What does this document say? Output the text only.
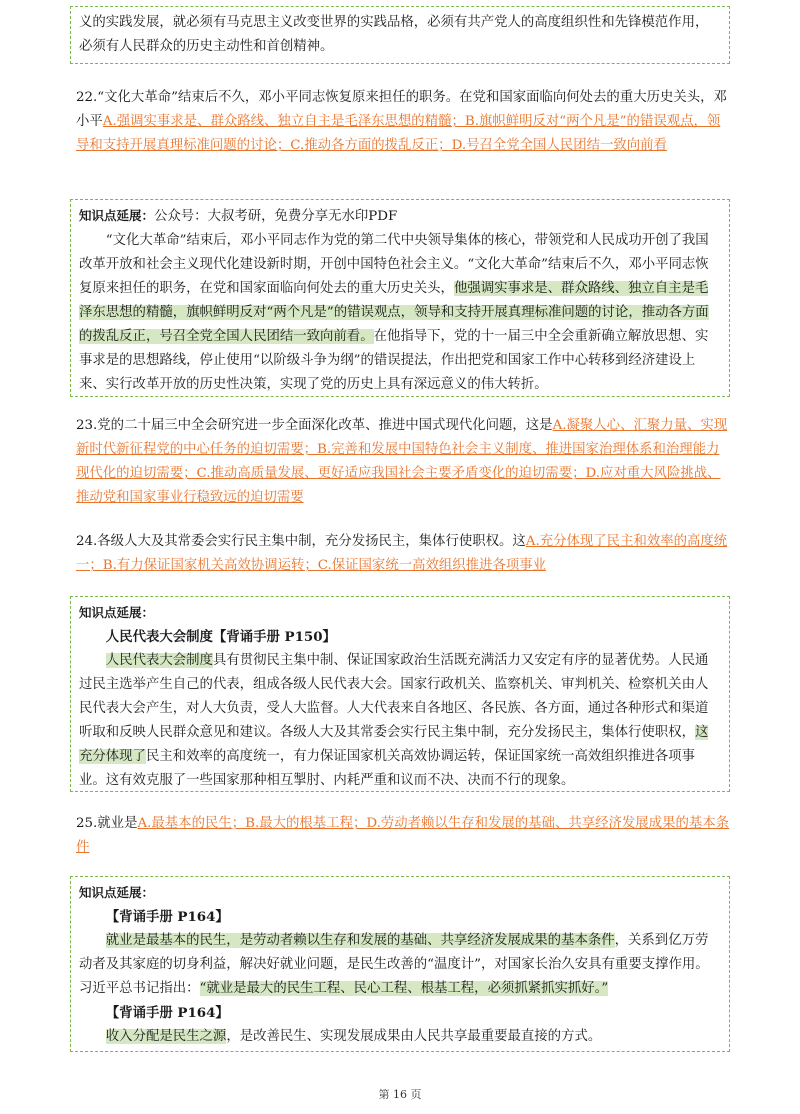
义的实践发展，就必须有马克思主义改变世界的实践品格，必须有共产党人的高度组织性和先锋模范作用，必须有人民群众的历史主动性和首创精神。

22.“文化大革命”结束后不久，邓小平同志恢复原来担任的职务。在党和国家面临向何处去的重大历史关头，邓小平A.强调实事求是、群众路线、独立自主是毛泽东思想的精髓；B.旗帜鲜明反对“两个凡是”的错误观点，领导和支持开展真理标准问题的讨论；C.推动各方面的拨乱反正；D.号召全党全国人民团结一致向前看

知识点延展：公众号：大叔考研，免费分享无水印PDF

“文化大革命”结束后，邓小平同志作为党的第二代中央领导集体的核心，带领党和人民成功开创了我国改革开放和社会主义现代化建设新时期，开创中国特色社会主义。“文化大革命”结束后不久，邓小平同志恢复原来担任的职务，在党和国家面临向何处去的重大历史关头，他强调实事求是、群众路线、独立自主是毛泽东思想的精髓，旗帜鲜明反对“两个凡是”的错误观点，领导和支持开展真理标准问题的讨论，推动各方面的拨乱反正，号召全党全国人民团结一致向前看。在他指导下，党的十一届三中全会重新确立解放思想、实事求是的思想路线，停止使用“以阶级斗争为纲”的错误提法，作出把党和国家工作中心转移到经济建设上来、实行改革开放的历史性决策，实现了党的历史上具有深远意义的伟大转折。

23.党的二十届三中全会研究进一步全面深化改革、推进中国式现代化问题，这是A.凝聚人心、汇聚力量、实现新时代新征程党的中心任务的迫切需要；B.完善和发展中国特色社会主义制度、推进国家治理体系和治理能力现代化的迫切需要；C.推动高质量发展、更好适应我国社会主要矛盾变化的迫切需要；D.应对重大风险挑战、推动党和国家事业行稳致远的迫切需要

24.各级人大及其常委会实行民主集中制，充分发扬民主，集体行使职权。这A.充分体现了民主和效率的高度统一；B.有力保证国家机关高效协调运转；C.保证国家统一高效组织推进各项事业

知识点延展：

人民代表大会制度【背诵手册 P150】

人民代表大会制度具有贯彻民主集中制、保证国家政治生活既充满活力又安定有序的显著优势。人民通过民主选举产生自己的代表，组成各级人民代表大会。国家行政机关、监察机关、审判机关、检察机关由人民代表大会产生，对人大负责，受人大监督。人大代表来自各地区、各民族、各方面，通过各种形式和渠道听取和反映人民群众意见和建议。各级人大及其常委会实行民主集中制，充分发扬民主，集体行使职权，这充分体现了民主和效率的高度统一，有力保证国家机关高效协调运转，保证国家统一高效组织推进各项事业。这有效克服了一些国家那种相互掣肘、内耗严重和议而不决、决而不行的现象。

25.就业是A.最基本的民生；B.最大的根基工程；D.劳动者赖以生存和发展的基础、共享经济发展成果的基本条件

知识点延展：

【背诵手册 P164】

就业是最基本的民生，是劳动者赖以生存和发展的基础、共享经济发展成果的基本条件，关系到亿万劳动者及其家庭的切身利益，解决好就业问题，是民生改善的“温度计”，对国家长治久安具有重要支撑作用。习近平总书记指出：“就业是最大的民生工程、民心工程、根基工程，必须抓紧抓实抓好。”

【背诵手册 P164】

收入分配是民生之源，是改善民生、实现发展成果由人民共享最重要最直接的方式。

第 16 页
